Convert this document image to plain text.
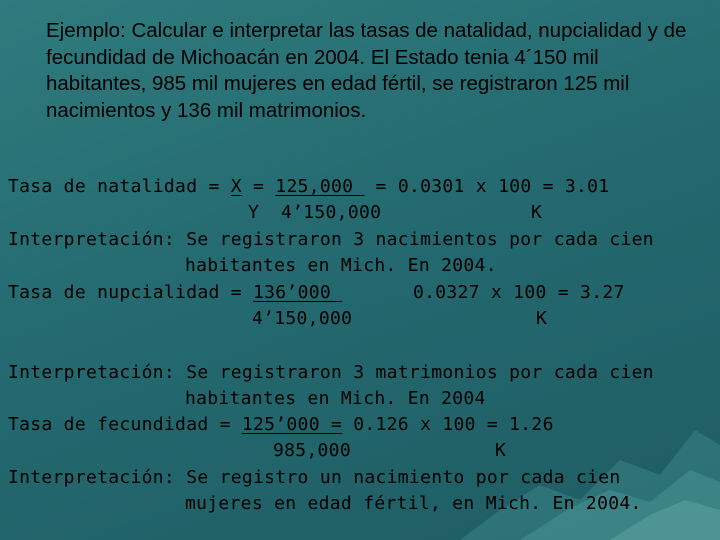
Ejemplo: Calcular e interpretar las tasas de natalidad, nupcialidad y de fecundidad de Michoacán en 2004. El Estado tenia 4´150 mil habitantes, 985 mil mujeres en edad fértil, se registraron 125 mil nacimientos y 136 mil matrimonios.

Tasa de natalidad = X = 125,000  = 0.0301 x 100 = 3.01

Y 4’150,000	K

Interpretación: Se registraron 3 nacimientos por cada cien

habitantes en Mich. En 2004.

Tasa de nupcialidad = 136’000	0.0327 x 100 = 3.27

4’150,000	K

Interpretación: Se registraron 3 matrimonios por cada cien

habitantes en Mich. En 2004

Tasa de fecundidad = 125’000 = 0.126 x 100 = 1.26

985,000	K

Interpretación: Se registro un nacimiento por cada cien

mujeres en edad fértil, en Mich. En 2004.
